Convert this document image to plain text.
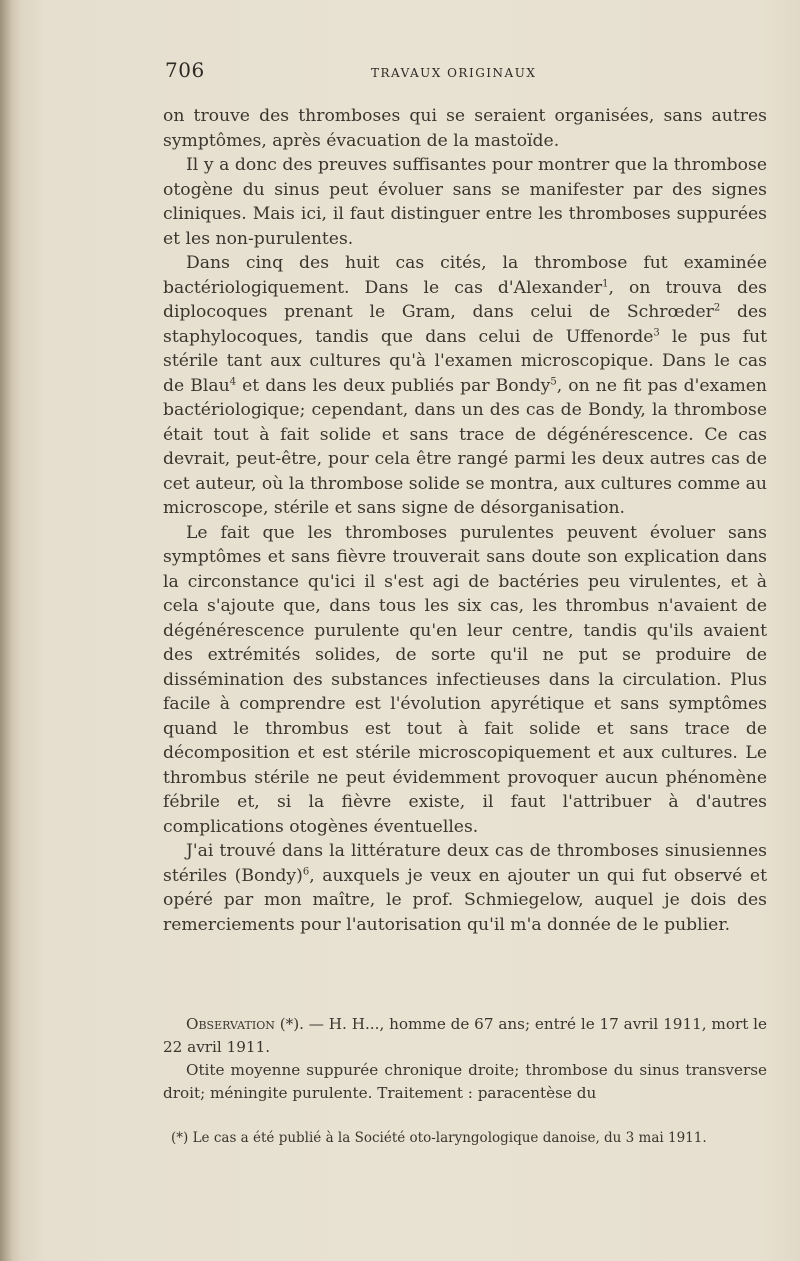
706	TRAVAUX ORIGINAUX

on trouve des thromboses qui se seraient organisées, sans autres symptômes, après évacuation de la mastoïde.

Il y a donc des preuves suffisantes pour montrer que la thrombose otogène du sinus peut évoluer sans se manifester par des signes cliniques. Mais ici, il faut distinguer entre les thromboses suppurées et les non-purulentes.

Dans cinq des huit cas cités, la thrombose fut examinée bactériologiquement. Dans le cas d'Alexander$^1$, on trouva des diplocoques prenant le Gram, dans celui de Schrœder$^2$ des staphylocoques, tandis que dans celui de Uffenorde$^3$ le pus fut stérile tant aux cultures qu'à l'examen microscopique. Dans le cas de Blau$^4$ et dans les deux publiés par Bondy$^5$, on ne fit pas d'examen bactériologique; cependant, dans un des cas de Bondy, la thrombose était tout à fait solide et sans trace de dégénérescence. Ce cas devrait, peut-être, pour cela être rangé parmi les deux autres cas de cet auteur, où la thrombose solide se montra, aux cultures comme au microscope, stérile et sans signe de désorganisation.

Le fait que les thromboses purulentes peuvent évoluer sans symptômes et sans fièvre trouverait sans doute son explication dans la circonstance qu'ici il s'est agi de bactéries peu virulentes, et à cela s'ajoute que, dans tous les six cas, les thrombus n'avaient de dégénérescence purulente qu'en leur centre, tandis qu'ils avaient des extrémités solides, de sorte qu'il ne put se produire de dissémination des substances infectieuses dans la circulation. Plus facile à comprendre est l'évolution apyrétique et sans symptômes quand le thrombus est tout à fait solide et sans trace de décomposition et est stérile microscopiquement et aux cultures. Le thrombus stérile ne peut évidemment provoquer aucun phénomène fébrile et, si la fièvre existe, il faut l'attribuer à d'autres complications otogènes éventuelles.

J'ai trouvé dans la littérature deux cas de thromboses sinusiennes stériles (Bondy)$^6$, auxquels je veux en ajouter un qui fut observé et opéré par mon maître, le prof. Schmiegelow, auquel je dois des remerciements pour l'autorisation qu'il m'a donnée de le publier.

Observation (*). — H. H..., homme de 67 ans; entré le 17 avril 1911, mort le 22 avril 1911.

Otite moyenne suppurée chronique droite; thrombose du sinus transverse droit; méningite purulente. Traitement : paracentèse du

(*) Le cas a été publié à la Société oto-laryngologique danoise, du 3 mai 1911.
